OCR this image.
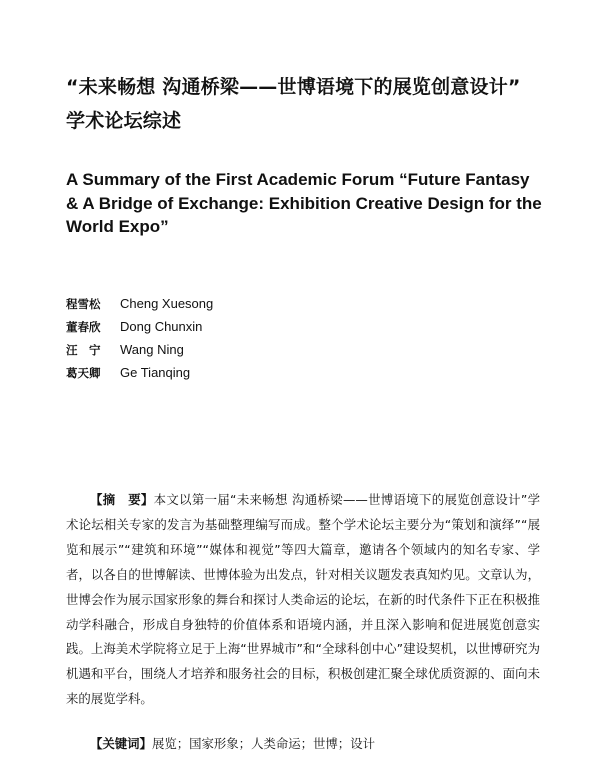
“未来畅想 沟通桥梁——世博语境下的展览创意设计”
学术论坛综述
A Summary of the First Academic Forum “Future Fantasy
& A Bridge of Exchange: Exhibition Creative Design for the
World Expo”
程雪松	Cheng Xuesong
董春欣	Dong Chunxin
汪　宁	Wang Ning
葛天卿	Ge Tianqing
【摘　要】本文以第一届“未来畅想 沟通桥梁——世博语境下的展览创意设计”学术论坛相关专家的发言为基础整理编写而成。整个学术论坛主要分为“策划和演绎”“展览和展示”“建筑和环境”“媒体和视觉”等四大篇章，邀请各个领域内的知名专家、学者，以各自的世博解读、世博体验为出发点，针对相关议题发表真知灼见。文章认为，世博会作为展示国家形象的舞台和探讨人类命运的论坛，在新的时代条件下正在积极推动学科融合，形成自身独特的价值体系和语境内涵，并且深入影响和促进展览创意实践。上海美术学院将立足于上海“世界城市”和“全球科创中心”建设契机，以世博研究为机遇和平台，围绕人才培养和服务社会的目标，积极创建汇聚全球优质资源的、面向未来的展览学科。
【关键词】展览；国家形象；人类命运；世博；设计
